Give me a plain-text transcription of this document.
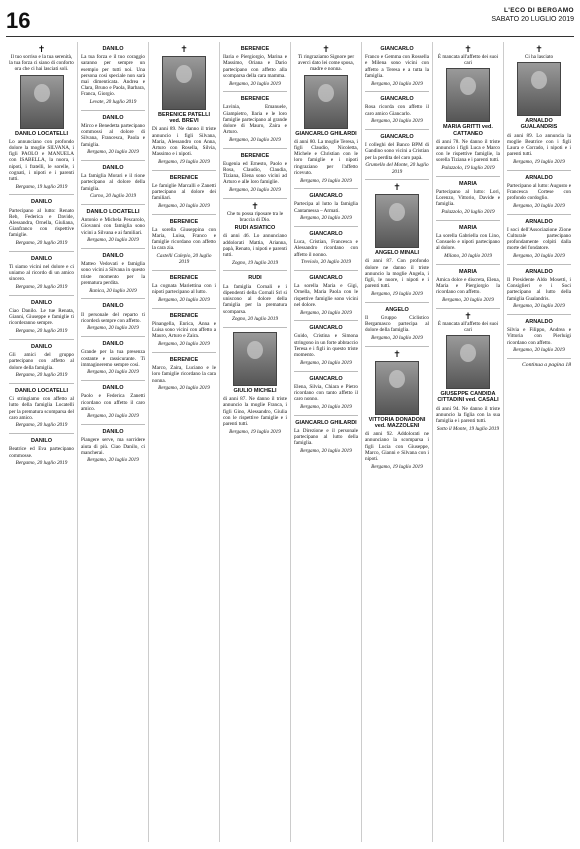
16	L'ECO DI BERGAMO
SABATO 20 LUGLIO 2019
✝

Il tuo sorriso e la tua serenità, la tua forza ci siano di conforto ora che ci hai lasciati soli.

DANILO LOCATELLI

Lo annunciano con profondo dolore la moglie SILVANA, i figli PAOLO e MANUELA con ISABELLA, la nuora, i nipoti, i fratelli, le sorelle, i cognati, i nipoti e i parenti tutti.

Bergamo, 19 luglio 2019

DANILO

Partecipano al lutto: Renato Reb, Federica e Davide, Alessandra, Ornella, Giuliana, Gianfranco con rispettive famiglie.

Bergamo, 20 luglio 2019

DANILO

Ti siamo vicini nel dolore e ci uniamo al ricordo di un amico sincero.

Bergamo, 20 luglio 2019

DANILO

Ciao Danilo. Le tue Renata, Gianni, Giuseppe e famiglie ti ricorderanno sempre.

Bergamo, 20 luglio 2019

DANILO

Gli amici del gruppo partecipano con affetto al dolore della famiglia.

Bergamo, 20 luglio 2019

DANILO LOCATELLI

Ci stringiamo con affetto al lutto della famiglia Locatelli per la prematura scomparsa del caro amico.

Bergamo, 20 luglio 2019

DANILO

Beatrice ed Eva partecipano commosse.

Bergamo, 20 luglio 2019

DANILO

La tua forza e il tuo coraggio saranno per sempre un esempio per tutti noi. Una persona così speciale non sarà mai dimenticata. Andrea e Clara, Bruno e Paola, Barbara, Franca, Giorgio.

Levate, 20 luglio 2019

DANILO

Mirco e Benedetta partecipano commossi al dolore di Silvana, Francesca, Paola e famiglia.

Bergamo, 20 luglio 2019

DANILO

La famiglia Morari e il rione partecipano al dolore della famiglia.

Curno, 20 luglio 2019

DANILO LOCATELLI

Antonio e Michela Pescarolo, Giovanni con famiglia sono vicini a Silvana e ai familiari.

Bergamo, 20 luglio 2019

DANILO

Matteo Vedovati e famiglia sono vicini a Silvana in questo triste momento per la prematura perdita.

Ranica, 20 luglio 2019

DANILO

Il personale del reparto ti ricorderà sempre con affetto.

Bergamo, 20 luglio 2019

DANILO

Grande per la tua presenza costante e rassicurante. Ti immagineremo sempre così.

Bergamo, 20 luglio 2019

DANILO

Paolo e Federica Zanetti ricordano con affetto il caro amico.

Bergamo, 20 luglio 2019

DANILO

Piangere serve, ma sorridere aiuta di più. Ciao Danilo, ci mancherai.

Bergamo, 20 luglio 2019

✝

BERENICE PATELLI ved. BREVI

Di anni 89. Ne danno il triste annuncio i figli Silvana, Maria, Alessandro con Anna, Arturo con Rosella, Silvia, Massimo e i nipoti.

Bergamo, 19 luglio 2019

BERENICE

Le famiglie Marcalli e Zanetti partecipano al dolore dei familiari.

Bergamo, 20 luglio 2019

BERENICE

La sorella Giuseppina con Maria, Luisa, Franco e famiglie ricordano con affetto la cara zia.

Castelli Calepio, 20 luglio 2019

BERENICE

La cognata Mariettina con i nipoti partecipano al lutto.

Bergamo, 20 luglio 2019

BERENICE

Pinangella, Enrica, Anna e Luisa sono vicini con affetto a Mauro, Arturo e Zaira.

Bergamo, 20 luglio 2019

BERENICE

Marco, Zaira, Luciano e le loro famiglie ricordano la cara nonna.

Bergamo, 20 luglio 2019

BERENICE

Ilaria e Piergiorgio, Marina e Massimo, Oriana e Dario partecipano con affetto alla scomparsa della cara mamma.

Bergamo, 20 luglio 2019

BERENICE

Lavinia, Emanuele, Giampietro, Ilaria e le loro famiglie partecipano al grande dolore di Mauro, Zaira e Arturo.

Bergamo, 20 luglio 2019

BERENICE

Eugenia ed Ernesto, Paolo e Rosa, Claudio, Claudia, Tiziana, Elena sono vicini ad Arturo e alle loro famiglie.

Bergamo, 20 luglio 2019

✝

Che tu possa riposare tra le braccia di Dio.

RUDI ASIATICO

di anni 46. Lo annunciano addolorati Mattia, Arianna, papà, Renato, i nipoti e parenti tutti.

Zogno, 19 luglio 2019

RUDI

La famiglia Cornali e i dipendenti della Cornali Srl si uniscono al dolore della famiglia per la prematura scomparsa.

Zogno, 20 luglio 2019

GIULIO MICHELI

di anni 87. Ne danno il triste annuncio la moglie Franca, i figli Gino, Alessandro, Giulia con le rispettive famiglie e i parenti tutti.

Bergamo, 19 luglio 2019

✝

Ti ringraziamo Signore per averci dato lei come sposa, madre e nonna.

GIANCARLO GHILARDI

di anni 80. La moglie Teresa, i figli Claudio, Nicoletta, Michele e Christian con le loro famiglie e i nipoti ringraziano per l'affetto ricevuto.

Bergamo, 19 luglio 2019

GIANCARLO

Partecipa al lutto la famiglia Cantamessa – Armati.

Bergamo, 20 luglio 2019

GIANCARLO

Luca, Cristian, Francesca e Alessandro ricordano con affetto il nonno.

Treviolo, 20 luglio 2019

GIANCARLO

La sorella Maria e Gigi, Ornella, Maria Paola con le rispettive famiglie sono vicini nel dolore.

Bergamo, 20 luglio 2019

GIANCARLO

Guido, Cristina e Simona stringono in un forte abbraccio Teresa e i figli in questo triste momento.

Bergamo, 20 luglio 2019

GIANCARLO

Elena, Silvia, Chiara e Pietro ricordano con tanto affetto il caro nonno.

Bergamo, 20 luglio 2019

GIANCARLO GHILARDI

La Direzione e il personale partecipano al lutto della famiglia.

Bergamo, 20 luglio 2019

GIANCARLO

Franco e Gemma con Rossella e Milena sono vicini con affetto a Teresa e a tutta la famiglia.

Bergamo, 20 luglio 2019

GIANCARLO

Rosa ricorda con affetto il caro amico Giancarlo.

Bergamo, 20 luglio 2019

GIANCARLO

I colleghi del Banco BPM di Gandino sono vicini a Cristian per la perdita del caro papà.

Grumello del Monte, 20 luglio 2019

✝

ANGELO MINALI

di anni 87. Con profondo dolore ne danno il triste annuncio la moglie Angela, i figli, le nuore, i nipoti e i parenti tutti.

Bergamo, 19 luglio 2019

ANGELO

Il Gruppo Ciclistico Bergamasco partecipa al dolore della famiglia.

Bergamo, 20 luglio 2019

✝

VITTORIA DONADONI ved. MAZZOLENI

di anni 92. Addolorati ne annunciano la scomparsa i figli Lucia con Giuseppe, Marco, Gianni e Silvana con i nipoti.

Bergamo, 19 luglio 2019

✝

È mancata all'affetto dei suoi cari

MARIA GRITTI ved. CATTANEO

di anni 78. Ne danno il triste annuncio i figli Luca e Marco con le rispettive famiglie, la sorella Tiziana e i parenti tutti.

Palazzolo, 19 luglio 2019

MARIA

Partecipano al lutto: Lori, Lorenzo, Vittorio, Davide e famiglia.

Palazzolo, 20 luglio 2019

MARIA

La sorella Gabriella con Lino, Consuelo e nipoti partecipano al dolore.

Milano, 20 luglio 2019

MARIA

Amica dolce e discreta, Elena, Maria e Piergiorgio la ricordano con affetto.

Bergamo, 20 luglio 2019

✝

È mancata all'affetto dei suoi cari

GIUSEPPE CANDIDA CITTADINI ved. CASALI

di anni 94. Ne danno il triste annuncio la figlia con la sua famiglia e i parenti tutti.

Sotto il Monte, 19 luglio 2019

✝

Ci ha lasciato

ARNALDO GUALANDRIS

di anni 89. Lo annuncia la moglie Beatrice con i figli Laura e Corrado, i nipoti e i parenti tutti.

Bergamo, 19 luglio 2019

ARNALDO

Partecipano al lutto: Augusto e Francesca Cortese con profondo cordoglio.

Bergamo, 20 luglio 2019

ARNALDO

I soci dell'Associazione Zione Culturale partecipano profondamente colpiti dalla morte del fondatore.

Bergamo, 20 luglio 2019

ARNALDO

Il Presidente Aldo Mosetti, i Consiglieri e i Soci partecipano al lutto della famiglia Gualandris.

Bergamo, 20 luglio 2019

ARNALDO

Silvia e Filippo, Andrea e Vittoria con Pierluigi ricordano con affetto.

Bergamo, 20 luglio 2019

Continua a pagina 18
